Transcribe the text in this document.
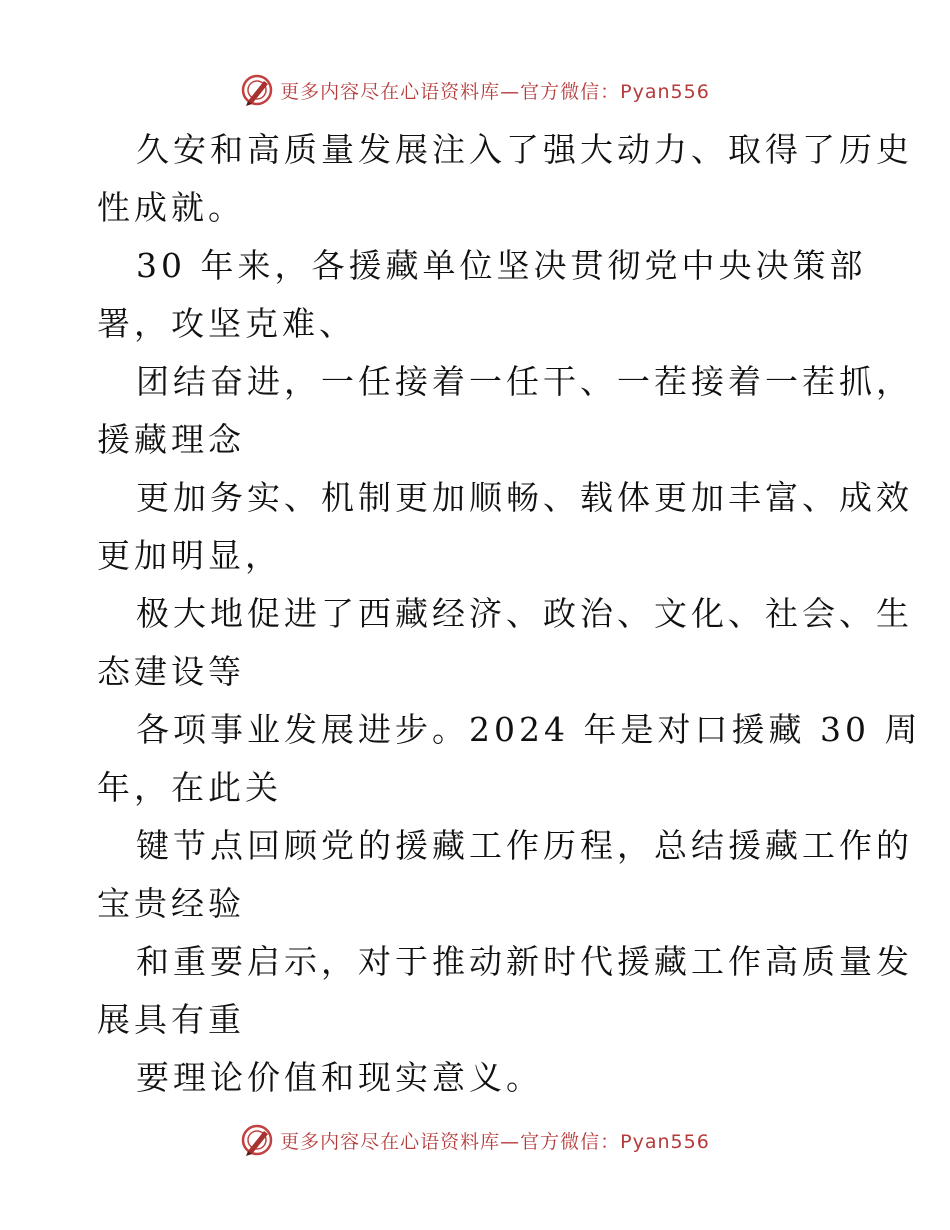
更多内容尽在心语资料库—官方微信：Pyan556
久安和高质量发展注入了强大动力、取得了历史
性成就。
30 年来，各援藏单位坚决贯彻党中央决策部
署，攻坚克难、
团结奋进，一任接着一任干、一茬接着一茬抓，
援藏理念
更加务实、机制更加顺畅、载体更加丰富、成效
更加明显，
极大地促进了西藏经济、政治、文化、社会、生
态建设等
各项事业发展进步。2024 年是对口援藏 30 周
年，在此关
键节点回顾党的援藏工作历程，总结援藏工作的
宝贵经验
和重要启示，对于推动新时代援藏工作高质量发
展具有重
要理论价值和现实意义。
更多内容尽在心语资料库—官方微信：Pyan556
